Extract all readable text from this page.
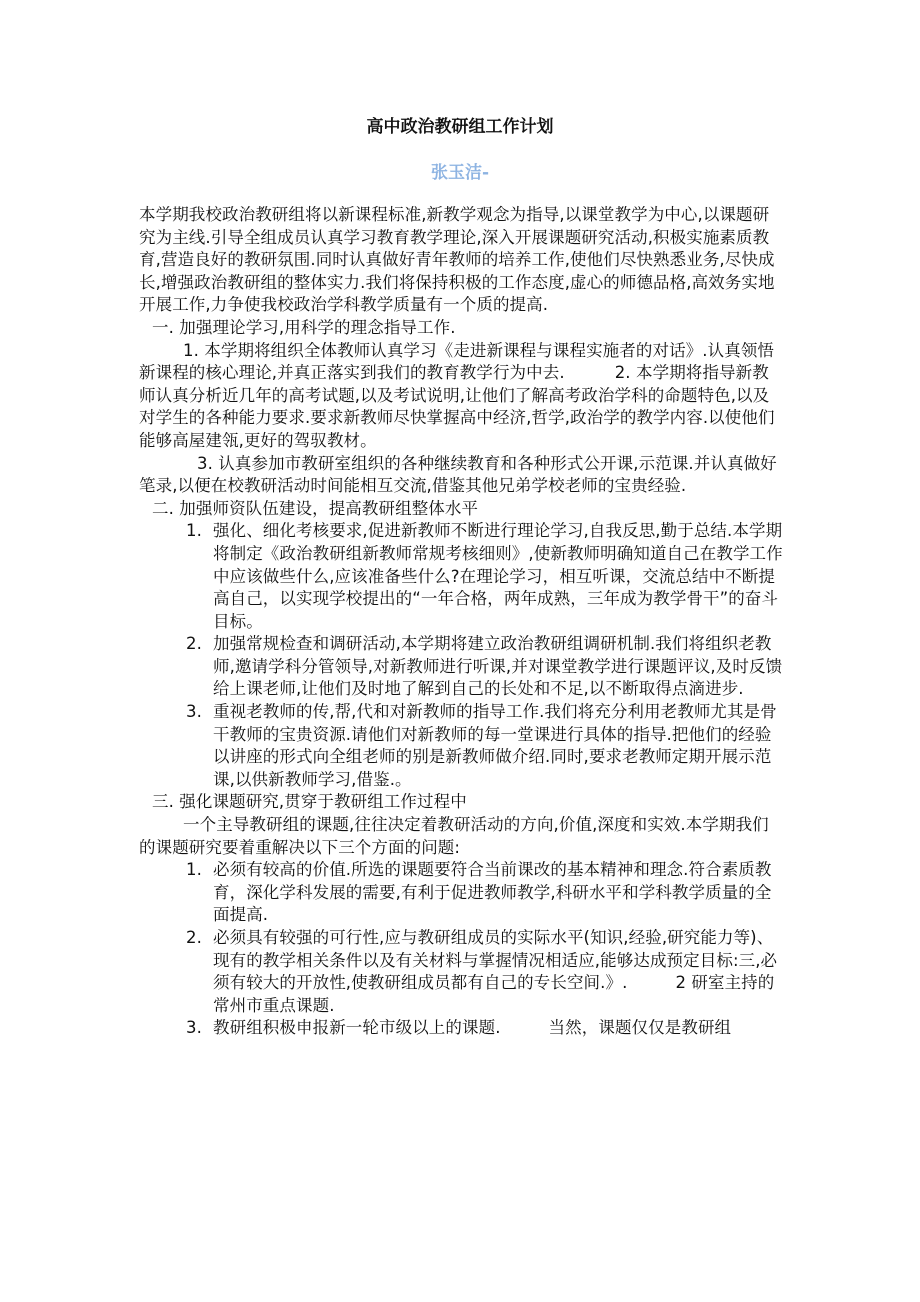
高中政治教研组工作计划
张玉洁-

本学期我校政治教研组将以新课程标准,新教学观念为指导,以课堂教学为中心,以课题研究为主线.引导全组成员认真学习教育教学理论,深入开展课题研究活动,积极实施素质教育,营造良好的教研氛围.同时认真做好青年教师的培养工作,使他们尽快熟悉业务,尽快成长,增强政治教研组的整体实力.我们将保持积极的工作态度,虚心的师德品格,高效务实地开展工作,力争使我校政治学科教学质量有一个质的提高.

一. 加强理论学习,用科学的理念指导工作.

1. 本学期将组织全体教师认真学习《走进新课程与课程实施者的对话》.认真领悟新课程的核心理论,并真正落实到我们的教育教学行为中去.	2. 本学期将指导新教师认真分析近几年的高考试题,以及考试说明,让他们了解高考政治学科的命题特色,以及对学生的各种能力要求.要求新教师尽快掌握高中经济,哲学,政治学的教学内容.以使他们能够高屋建瓴,更好的驾驭教材。

3. 认真参加市教研室组织的各种继续教育和各种形式公开课,示范课.并认真做好笔录,以便在校教研活动时间能相互交流,借鉴其他兄弟学校老师的宝贵经验.

二. 加强师资队伍建设，提高教研组整体水平

1. 强化、细化考核要求,促进新教师不断进行理论学习,自我反思,勤于总结.本学期将制定《政治教研组新教师常规考核细则》,使新教师明确知道自己在教学工作中应该做些什么,应该准备些什么?在理论学习，相互听课，交流总结中不断提高自己，以实现学校提出的“一年合格，两年成熟，三年成为教学骨干”的奋斗目标。
2. 加强常规检查和调研活动,本学期将建立政治教研组调研机制.我们将组织老教师,邀请学科分管领导,对新教师进行听课,并对课堂教学进行课题评议,及时反馈给上课老师,让他们及时地了解到自己的长处和不足,以不断取得点滴进步.
3. 重视老教师的传,帮,代和对新教师的指导工作.我们将充分利用老教师尤其是骨干教师的宝贵资源.请他们对新教师的每一堂课进行具体的指导.把他们的经验以讲座的形式向全组老师的别是新教师做介绍.同时,要求老教师定期开展示范课,以供新教师学习,借鉴.。

三. 强化课题研究,贯穿于教研组工作过程中

一个主导教研组的课题,往往决定着教研活动的方向,价值,深度和实效.本学期我们的课题研究要着重解决以下三个方面的问题:

1. 必须有较高的价值.所选的课题要符合当前课改的基本精神和理念.符合素质教育，深化学科发展的需要,有利于促进教师教学,科研水平和学科教学质量的全面提高.
2. 必须具有较强的可行性,应与教研组成员的实际水平(知识,经验,研究能力等)、现有的教学相关条件以及有关材料与掌握情况相适应,能够达成预定目标:三,必须有较大的开放性,使教研组成员都有自己的专长空间.》.	2 研室主持的常州市重点课题.
3. 教研组积极申报新一轮市级以上的课题.	当然，课题仅仅是教研组
